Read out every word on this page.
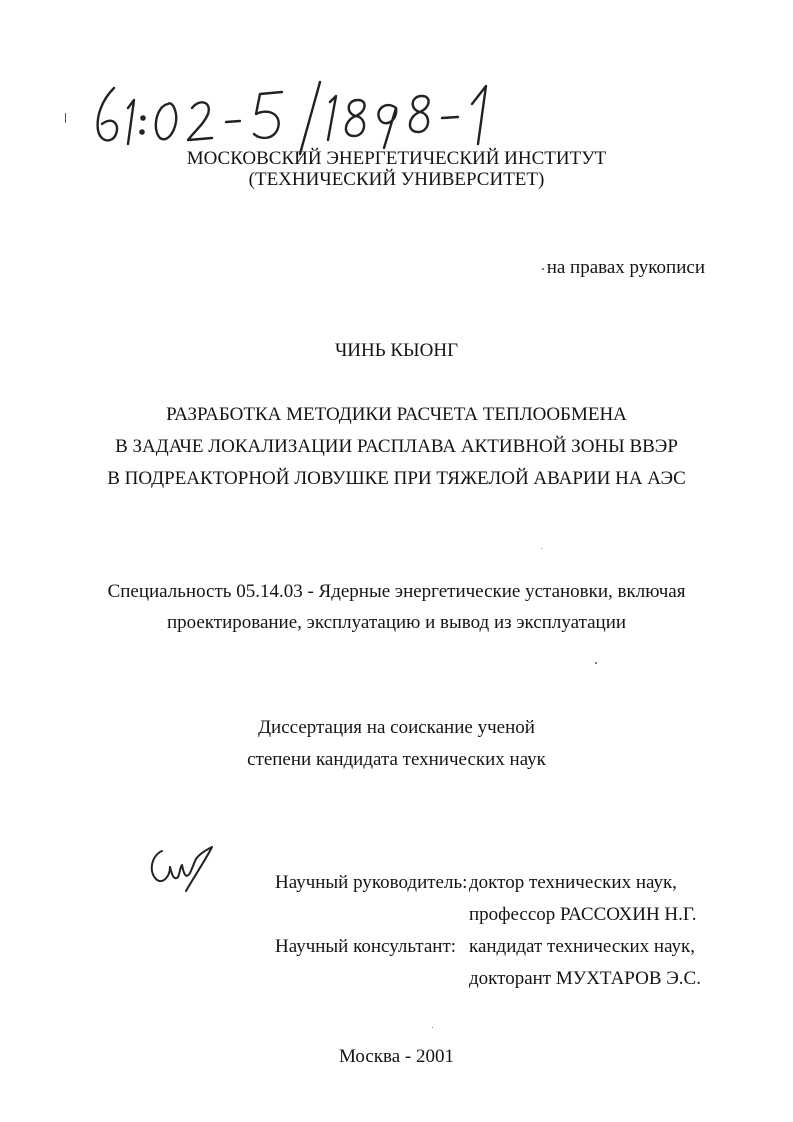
МОСКОВСКИЙ ЭНЕРГЕТИЧЕСКИЙ ИНСТИТУТ
(ТЕХНИЧЕСКИЙ УНИВЕРСИТЕТ)
на правах рукописи
ЧИНЬ КЫОНГ
РАЗРАБОТКА МЕТОДИКИ РАСЧЕТА ТЕПЛООБМЕНА
В ЗАДАЧЕ ЛОКАЛИЗАЦИИ РАСПЛАВА АКТИВНОЙ ЗОНЫ ВВЭР
В ПОДРЕАКТОРНОЙ ЛОВУШКЕ ПРИ ТЯЖЕЛОЙ АВАРИИ НА АЭС
Специальность 05.14.03 - Ядерные энергетические установки, включая
проектирование, эксплуатацию и вывод из эксплуатации
Диссертация на соискание ученой
степени кандидата технических наук
Научный руководитель: доктор технических наук,
профессор РАССОХИН Н.Г.
Научный консультант: кандидат технических наук,
докторант МУХТАРОВ Э.С.
Москва - 2001
